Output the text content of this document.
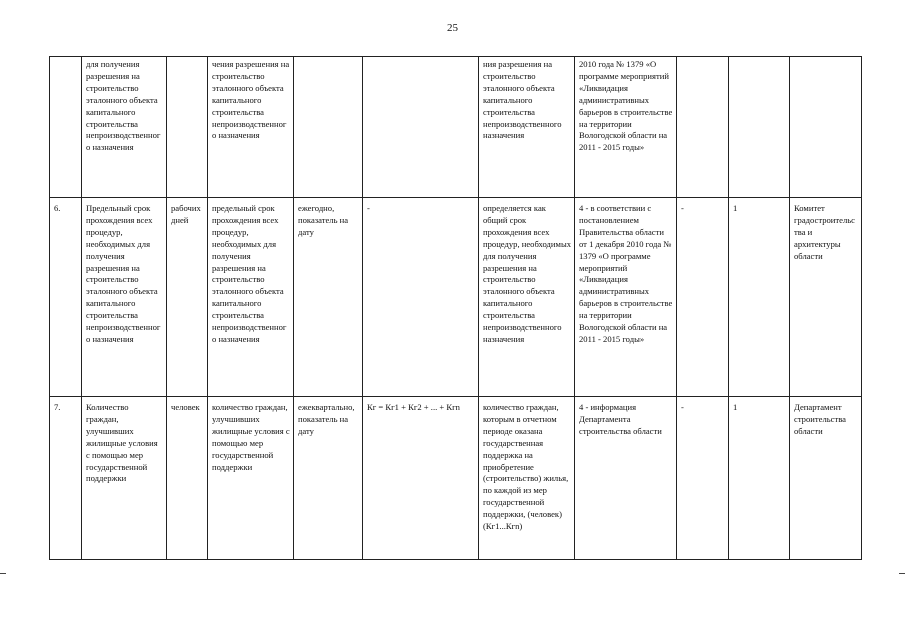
25
	для получения разрешения на строительство эталонного объекта капитального строительства непроизводственного назначения		чения разрешения на строительство эталонного объекта капитального строительства непроизводственного назначения			ния разрешения на строительство эталонного объекта капитального строительства непроизводственного назначения	2010 года № 1379 «О программе мероприятий «Ликвидация административных барьеров в строительстве на территории Вологодской области на 2011 - 2015 годы»			
6.	Предельный срок прохождения всех процедур, необходимых для получения разрешения на строительство эталонного объекта капитального строительства непроизводственного назначения	рабочих дней	предельный срок прохождения всех процедур, необходимых для получения разрешения на строительство эталонного объекта капитального строительства непроизводственного назначения	ежегодно, показатель на дату	-	определяется как общий срок прохождения всех процедур, необходимых для получения разрешения на строительство эталонного объекта капитального строительства непроизводственного назначения	4 - в соответствии с постановлением Правительства области от 1 декабря 2010 года № 1379 «О программе мероприятий «Ликвидация административных барьеров в строительстве на территории Вологодской области на 2011 - 2015 годы»	-	1	Комитет градостроительства и архитектуры области
7.	Количество граждан, улучшивших жилищные условия с помощью мер государственной поддержки	человек	количество граждан, улучшивших жилищные условия с помощью мер государственной поддержки	ежеквартально, показатель на дату	Кг = Кг1 + Кг2 + ... + Кгn	количество граждан, которым в отчетном периоде оказана государственная поддержка на приобретение (строительство) жилья, по каждой из мер государственной поддержки, (человек) (Кг1...Кгn)	4 - информация Департамента строительства области	-	1	Департамент строительства области
